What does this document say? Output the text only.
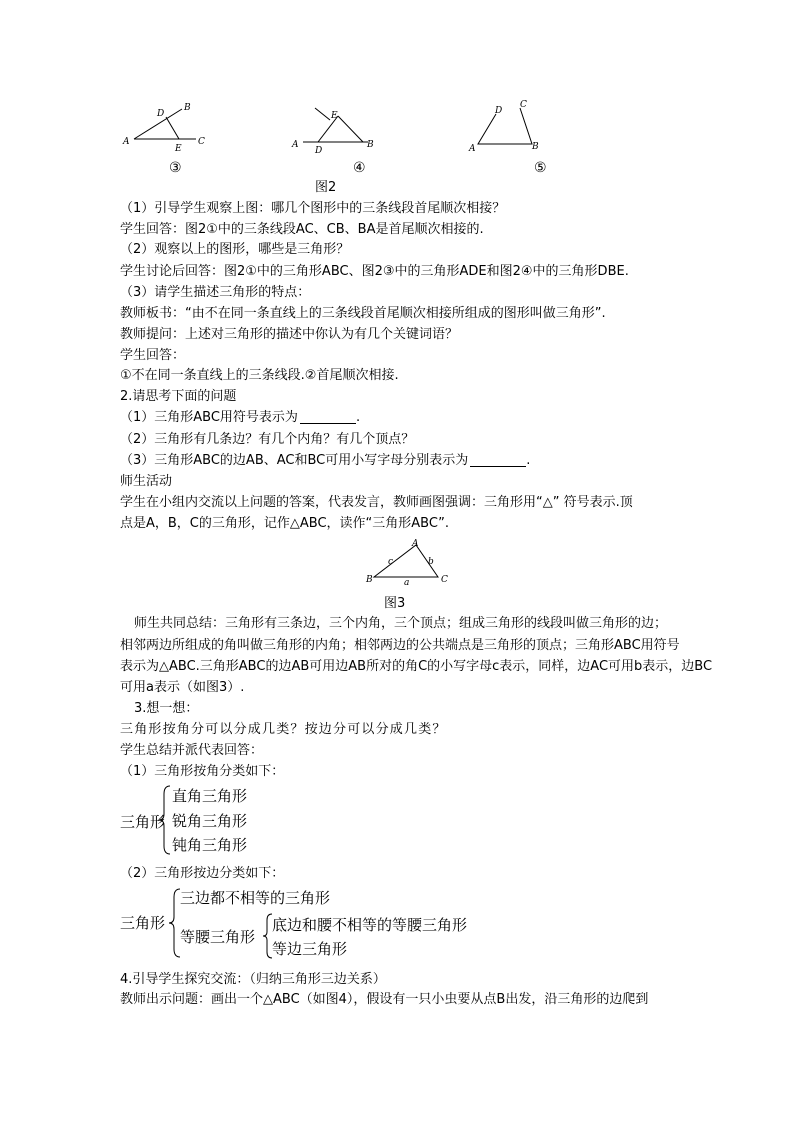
D
B
A
E
C
③
E
A
D
B
④
D
C
A	B
⑤
图2
（1）引导学生观察上图：哪几个图形中的三条线段首尾顺次相接？
学生回答：图2①中的三条线段AC、CB、BA是首尾顺次相接的.
（2）观察以上的图形，哪些是三角形？
学生讨论后回答：图2①中的三角形ABC、图2③中的三角形ADE和图2④中的三角形DBE.
（3）请学生描述三角形的特点：
教师板书：“由不在同一条直线上的三条线段首尾顺次相接所组成的图形叫做三角形”.
教师提问：上述对三角形的描述中你认为有几个关键词语？
学生回答：
①不在同一条直线上的三条线段.②首尾顺次相接.
2.请思考下面的问题
（1）三角形ABC用符号表示为	.
（2）三角形有几条边？有几个内角？有几个顶点？
（3）三角形ABC的边AB、AC和BC可用小写字母分别表示为	.
师生活动
学生在小组内交流以上问题的答案，代表发言，教师画图强调：三角形用“△” 符号表示.顶
点是A，B，C的三角形，记作△ABC，读作“三角形ABC”.
A
B	C
a
b
c
图3
师生共同总结：三角形有三条边，三个内角，三个顶点；组成三角形的线段叫做三角形的边；
相邻两边所组成的角叫做三角形的内角；相邻两边的公共端点是三角形的顶点；三角形ABC用符号
表示为△ABC.三角形ABC的边AB可用边AB所对的角C的小写字母c表示，同样，边AC可用b表示，边BC
可用a表示（如图3）.
3.想一想：
三角形按角分可以分成几类？按边分可以分成几类？
学生总结并派代表回答：
（1）三角形按角分类如下：
三角形
直角三角形
锐角三角形
钝角三角形
（2）三角形按边分类如下：
三角形
三边都不相等的三角形
等腰三角形
底边和腰不相等的等腰三角形
等边三角形
4.引导学生探究交流：（归纳三角形三边关系）
教师出示问题：画出一个△ABC（如图4），假设有一只小虫要从点B出发，沿三角形的边爬到
